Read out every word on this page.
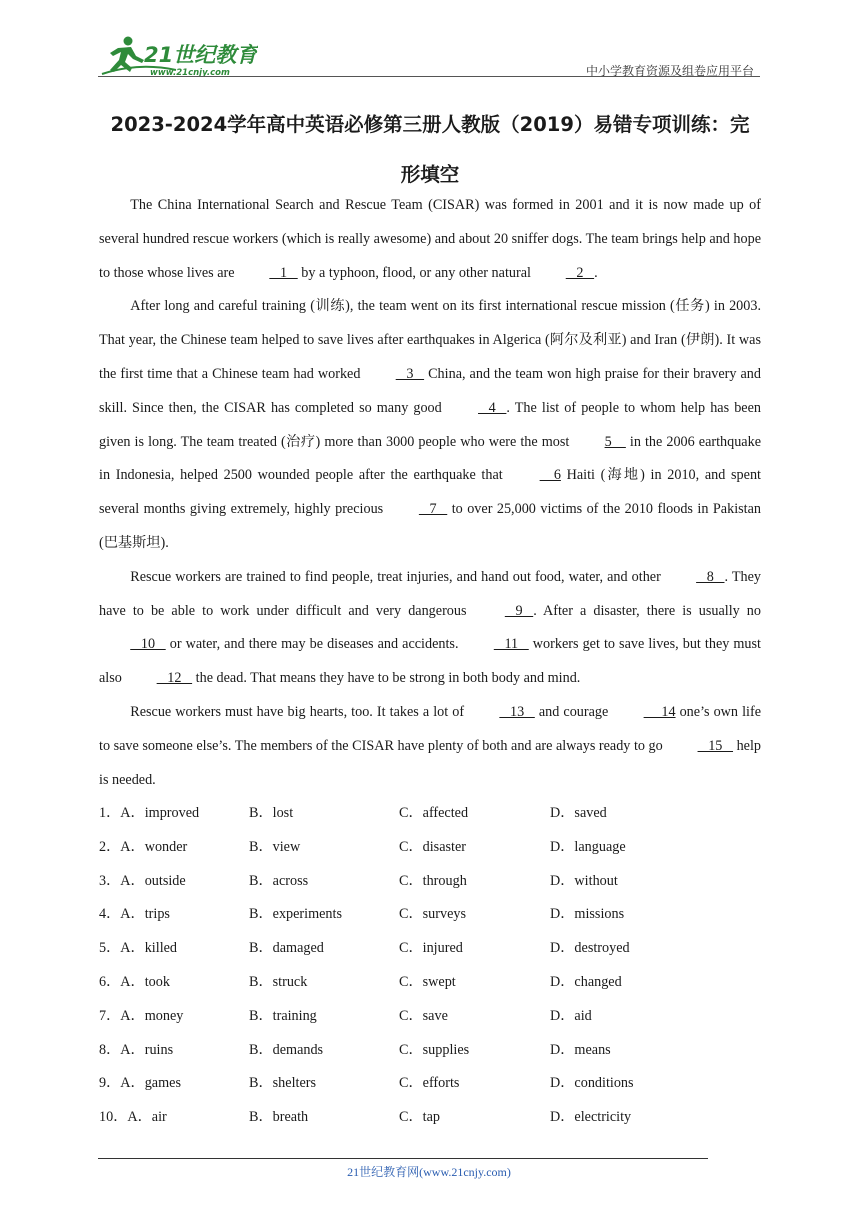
21世纪教育
www.21cnjy.com	中小学教育资源及组卷应用平台
2023-2024学年高中英语必修第三册人教版（2019）易错专项训练：完
形填空

The China International Search and Rescue Team (CISAR) was formed in 2001 and it is now made up of several hundred rescue workers (which is really awesome) and about 20 sniffer dogs. The team brings help and hope to those whose lives are    1    by a typhoon, flood, or any other natural    2   .

After long and careful training (训练), the team went on its first international rescue mission (任务) in 2003. That year, the Chinese team helped to save lives after earthquakes in Algerica (阿尔及利亚) and Iran (伊朗). It was the first time that a Chinese team had worked    3    China, and the team won high praise for their bravery and skill. Since then, the CISAR has completed so many good    4   . The list of people to whom help has been given is long. The team treated (治疗) more than 3000 people who were the most 5     in the 2006 earthquake in Indonesia, helped 2500 wounded people after the earthquake that     6 Haiti (海地) in 2010, and spent several months giving extremely, highly precious    7    to over 25,000 victims of the 2010 floods in Pakistan (巴基斯坦).

Rescue workers are trained to find people, treat injuries, and hand out food, water, and other    8   . They have to be able to work under difficult and very dangerous    9   . After a disaster, there is usually no    10    or water, and there may be diseases and accidents.    11    workers get to save lives, but they must also    12    the dead. That means they have to be strong in both body and mind.

Rescue workers must have big hearts, too. It takes a lot of    13    and courage      14 one’s own life to save someone else’s. The members of the CISAR have plenty of both and are always ready to go    15    help is needed.

1．A．improved	B．lost	C．affected	D．saved
2．A．wonder	B．view	C．disaster	D．language
3．A．outside	B．across	C．through	D．without
4．A．trips	B．experiments	C．surveys	D．missions
5．A．killed	B．damaged	C．injured	D．destroyed
6．A．took	B．struck	C．swept	D．changed
7．A．money	B．training	C．save	D．aid
8．A．ruins	B．demands	C．supplies	D．means
9．A．games	B．shelters	C．efforts	D．conditions
10．A．air	B．breath	C．tap	D．electricity
21世纪教育网(www.21cnjy.com)
